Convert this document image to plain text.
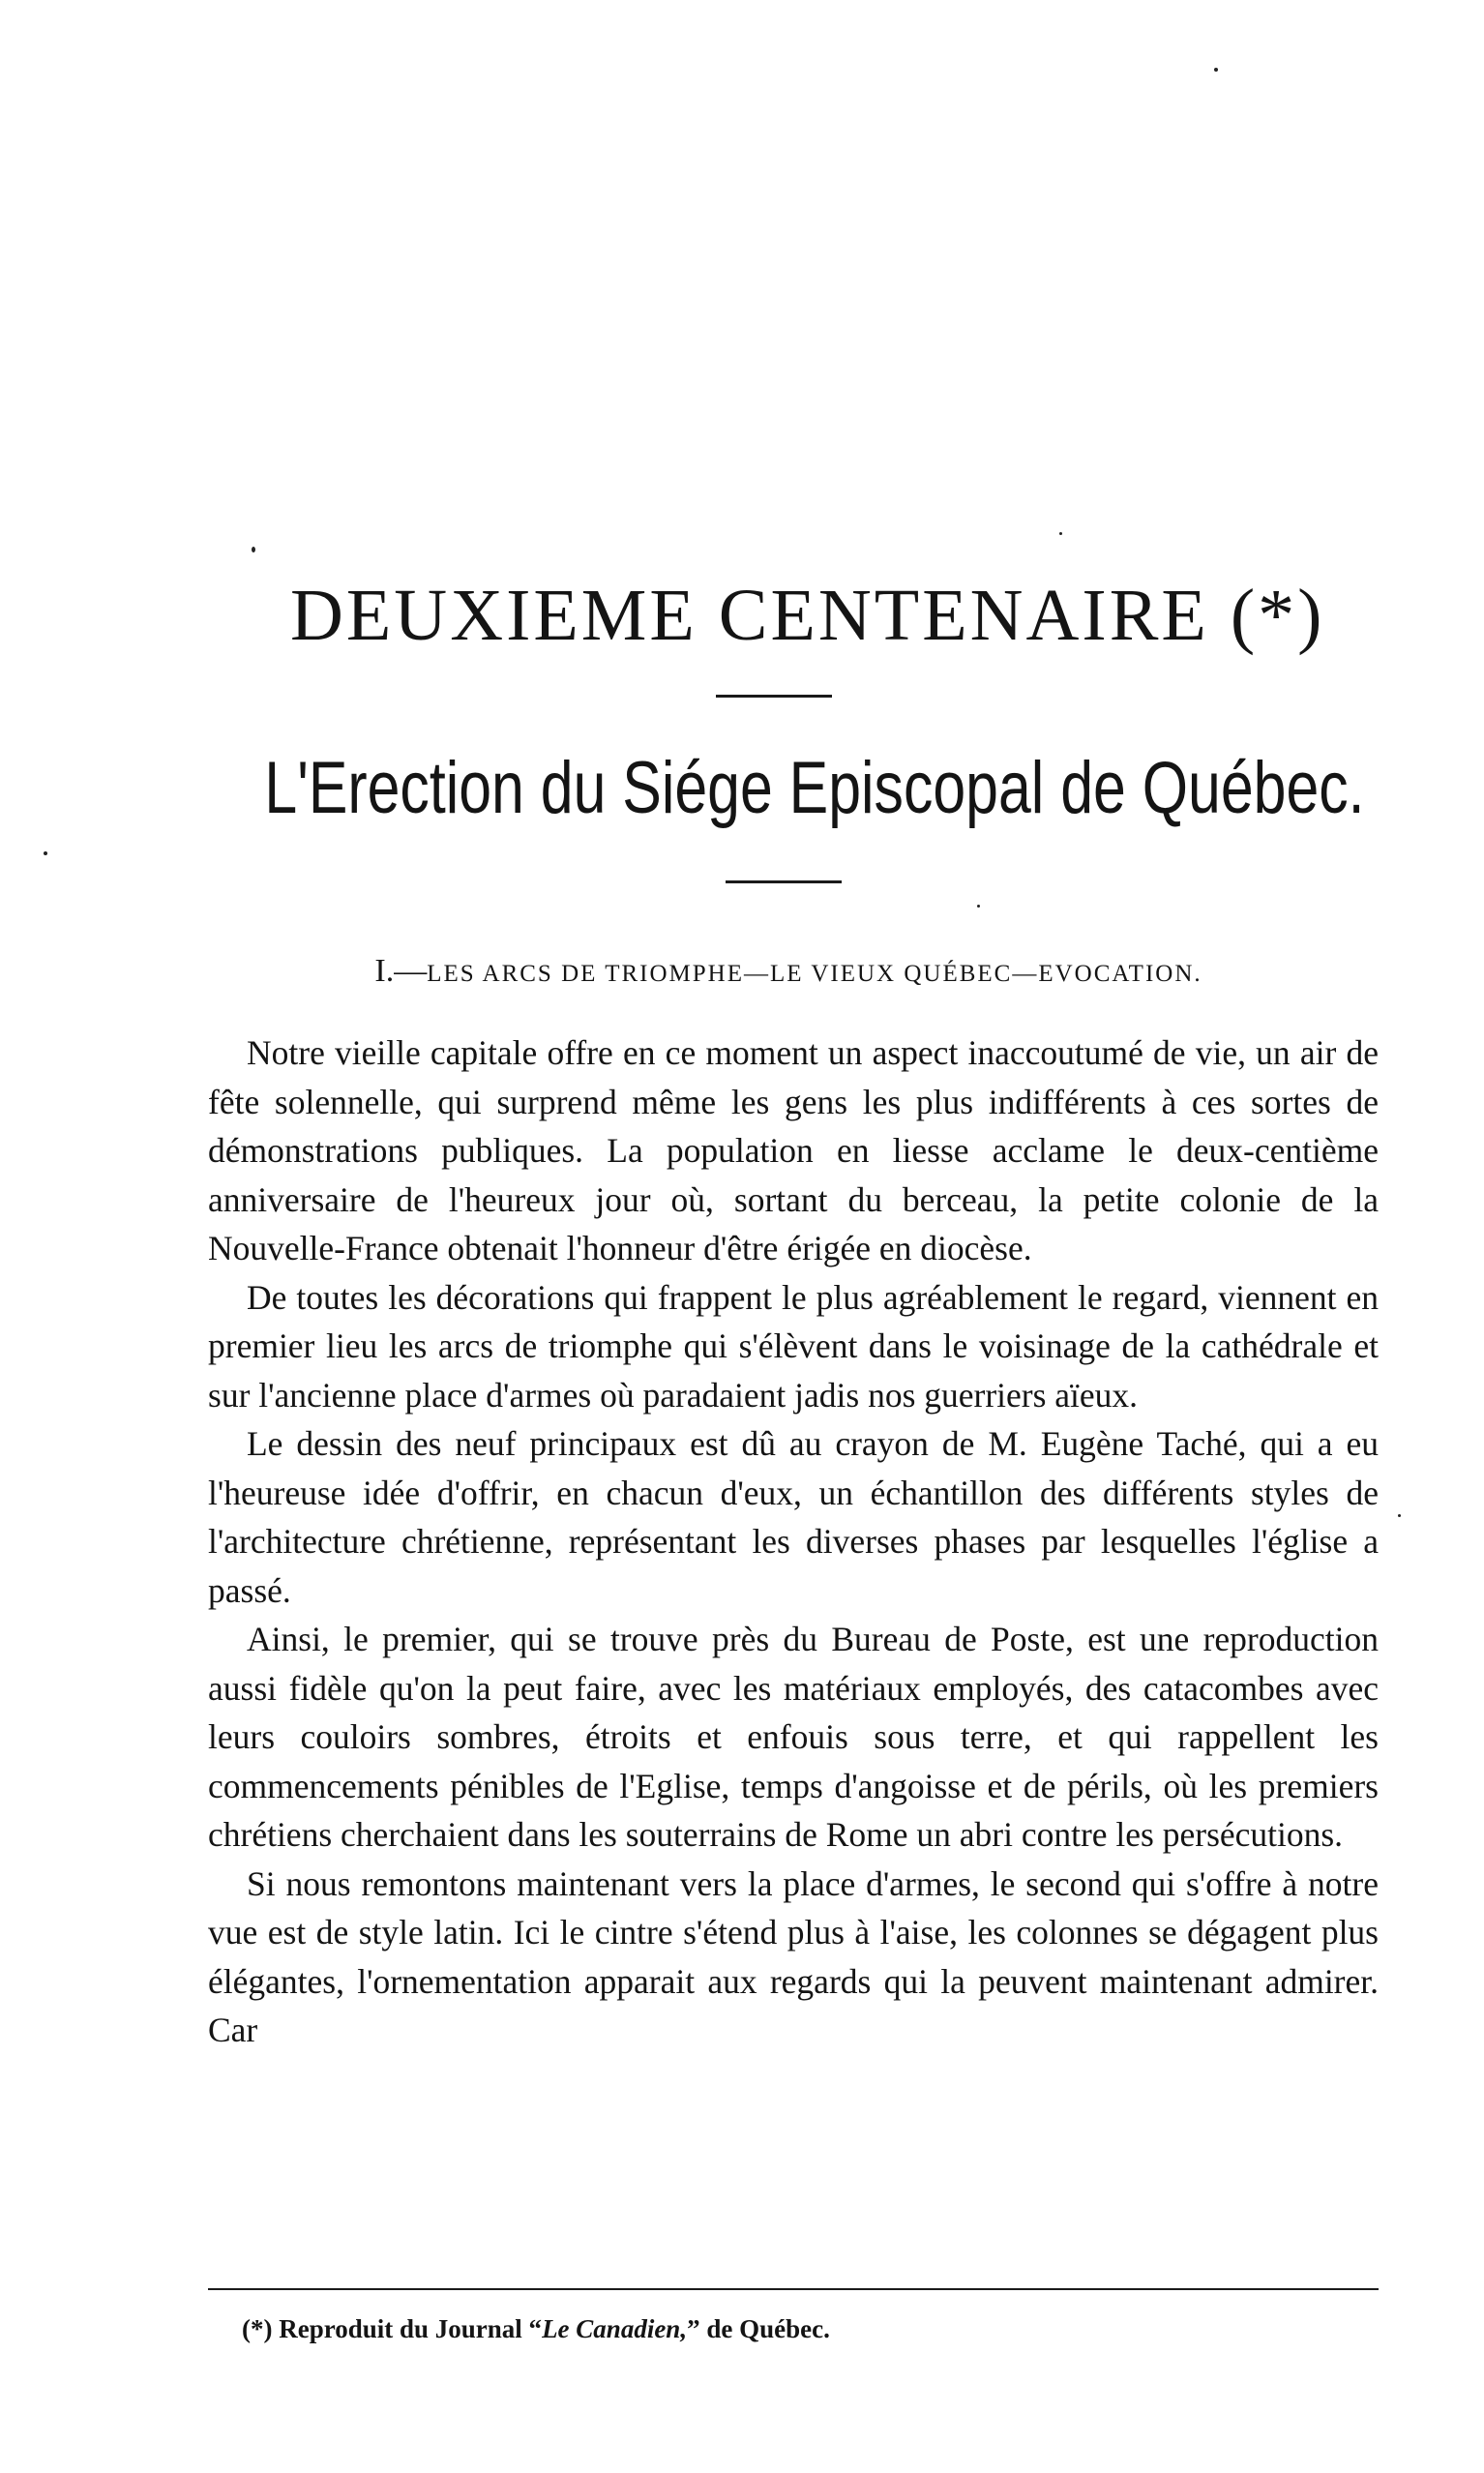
DEUXIEME CENTENAIRE (*)
L'Erection du Siége Episcopal de Québec.
I.—LES ARCS DE TRIOMPHE—LE VIEUX QUÉBEC—EVOCATION.

Notre vieille capitale offre en ce moment un aspect inaccoutumé de vie, un air de fête solennelle, qui surprend même les gens les plus indifférents à ces sortes de démonstrations publiques. La population en liesse acclame le deux-centième anniversaire de l'heureux jour où, sortant du berceau, la petite colonie de la Nouvelle-France obtenait l'honneur d'être érigée en diocèse.

De toutes les décorations qui frappent le plus agréablement le regard, viennent en premier lieu les arcs de triomphe qui s'élèvent dans le voisinage de la cathédrale et sur l'ancienne place d'armes où paradaient jadis nos guerriers aïeux.

Le dessin des neuf principaux est dû au crayon de M. Eugène Taché, qui a eu l'heureuse idée d'offrir, en chacun d'eux, un échantillon des différents styles de l'architecture chrétienne, représentant les diverses phases par lesquelles l'église a passé.

Ainsi, le premier, qui se trouve près du Bureau de Poste, est une reproduction aussi fidèle qu'on la peut faire, avec les matériaux employés, des catacombes avec leurs couloirs sombres, étroits et enfouis sous terre, et qui rappellent les commencements pénibles de l'Eglise, temps d'angoisse et de périls, où les premiers chrétiens cherchaient dans les souterrains de Rome un abri contre les persécutions.

Si nous remontons maintenant vers la place d'armes, le second qui s'offre à notre vue est de style latin. Ici le cintre s'étend plus à l'aise, les colonnes se dégagent plus élégantes, l'ornementation apparait aux regards qui la peuvent maintenant admirer. Car

(*) Reproduit du Journal “Le Canadien,” de Québec.
